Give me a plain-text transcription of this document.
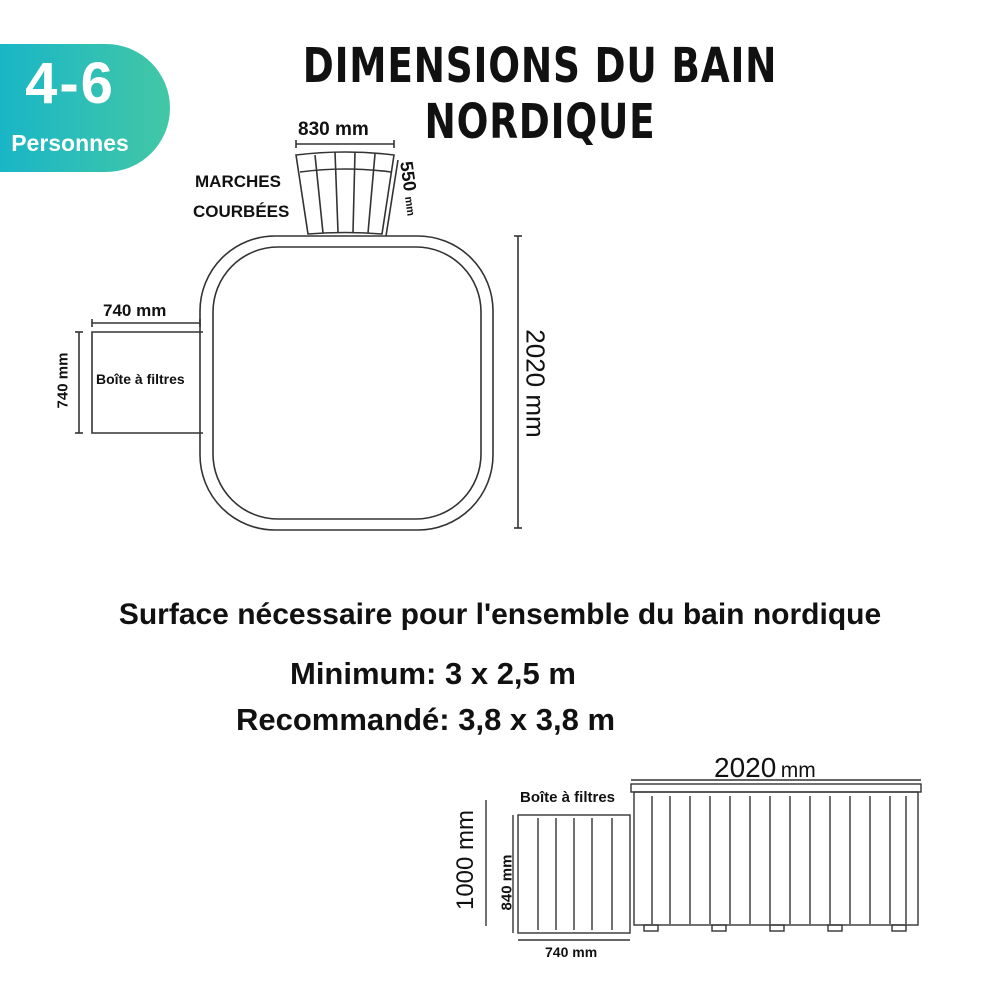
4-6
Personnes
DIMENSIONS DU BAIN NORDIQUE
830 mm
550 mm
MARCHES
COURBÉES
740 mm
740 mm Boîte à filtres	2020 mm
Surface nécessaire pour l'ensemble du bain nordique
Minimum: 3 x 2,5 m
Recommandé: 3,8 x 3,8 m
2020 mm
Boîte à filtres
1000 mm 840 mm
740 mm
